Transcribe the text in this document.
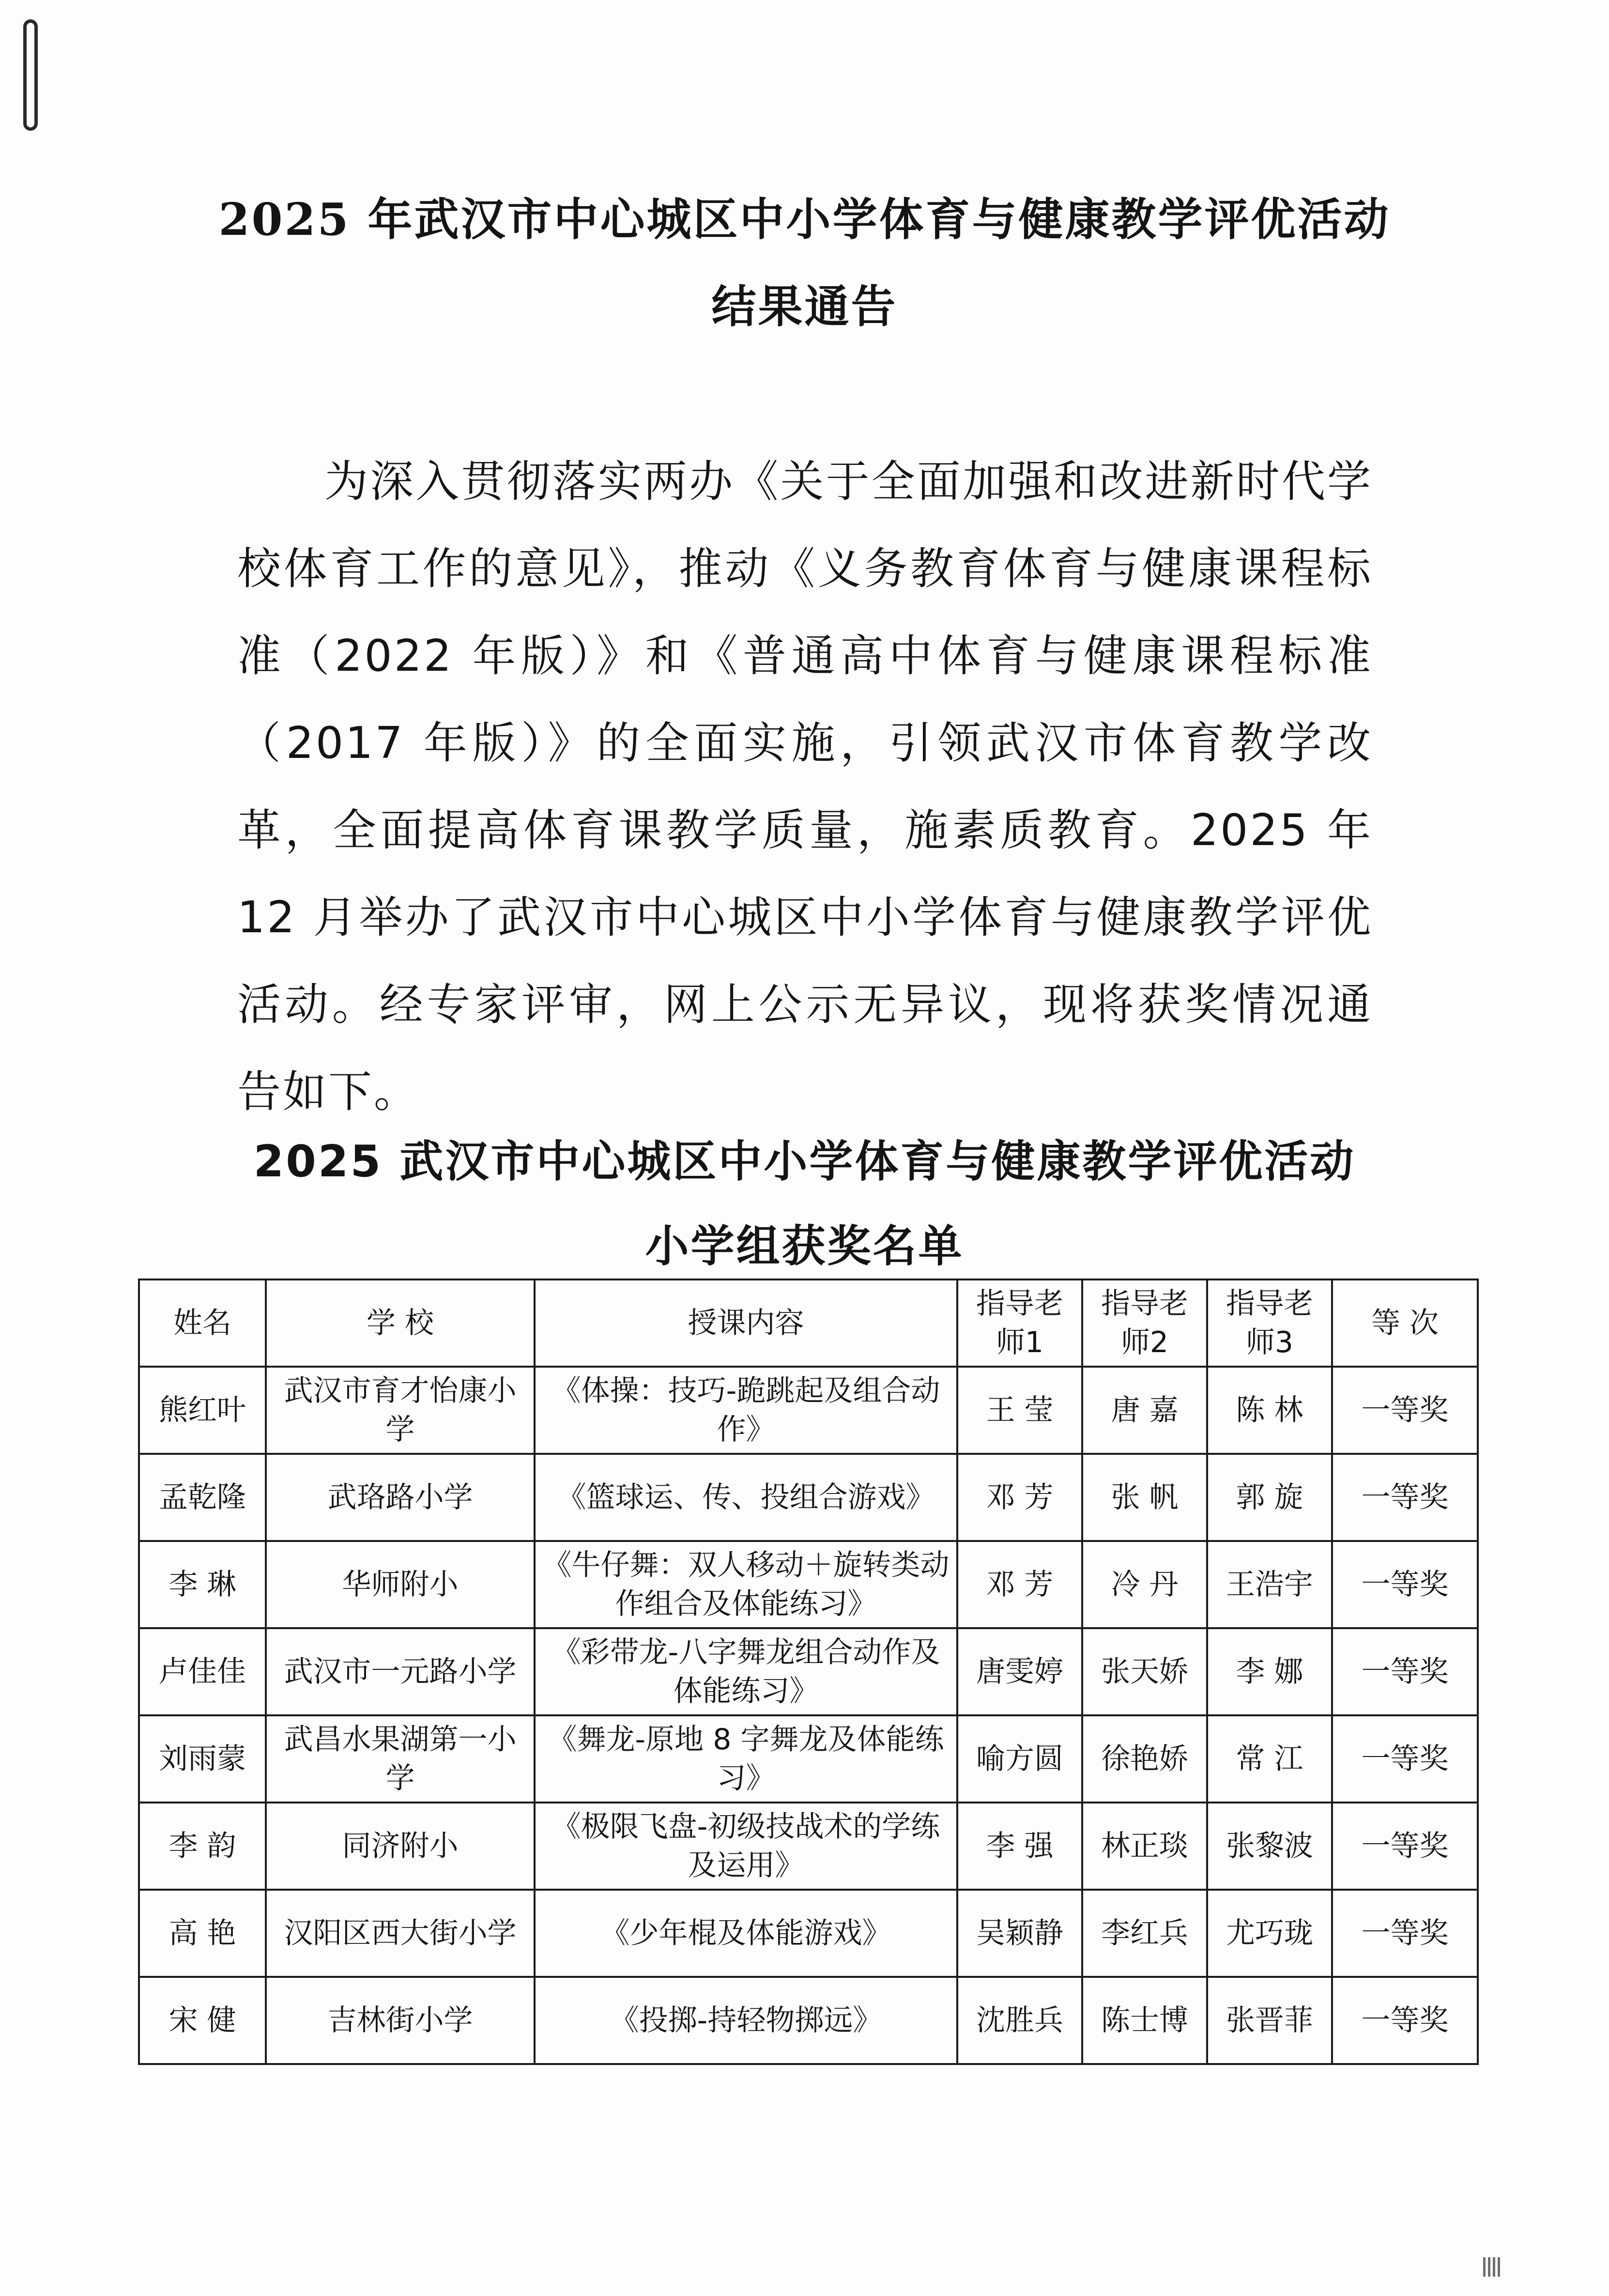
2025 年武汉市中心城区中小学体育与健康教学评优活动
结果通告

为深入贯彻落实两办《关于全面加强和改进新时代学校体育工作的意见》，推动《义务教育体育与健康课程标准（2022 年版）》和《普通高中体育与健康课程标准（2017 年版）》的全面实施，引领武汉市体育教学改革，全面提高体育课教学质量，施素质教育。2025 年 12 月举办了武汉市中心城区中小学体育与健康教学评优活动。经专家评审，网上公示无异议，现将获奖情况通告如下。

2025 武汉市中心城区中小学体育与健康教学评优活动
小学组获奖名单
姓名	学 校	授课内容	指导老师1	指导老师2	指导老师3	等 次
熊红叶	武汉市育才怡康小学	《体操：技巧-跪跳起及组合动作》	王 莹	唐 嘉	陈 林	一等奖
孟乾隆	武珞路小学	《篮球运、传、投组合游戏》	邓 芳	张 帆	郭 旋	一等奖
李 琳	华师附小	《牛仔舞：双人移动＋旋转类动作组合及体能练习》	邓 芳	冷 丹	王浩宇	一等奖
卢佳佳	武汉市一元路小学	《彩带龙-八字舞龙组合动作及体能练习》	唐雯婷	张天娇	李 娜	一等奖
刘雨蒙	武昌水果湖第一小学	《舞龙-原地 8 字舞龙及体能练习》	喻方圆	徐艳娇	常 江	一等奖
李 韵	同济附小	《极限飞盘-初级技战术的学练及运用》	李 强	林正琰	张黎波	一等奖
高 艳	汉阳区西大街小学	《少年棍及体能游戏》	吴颖静	李红兵	尤巧珑	一等奖
宋 健	吉林街小学	《投掷-持轻物掷远》	沈胜兵	陈士博	张晋菲	一等奖
